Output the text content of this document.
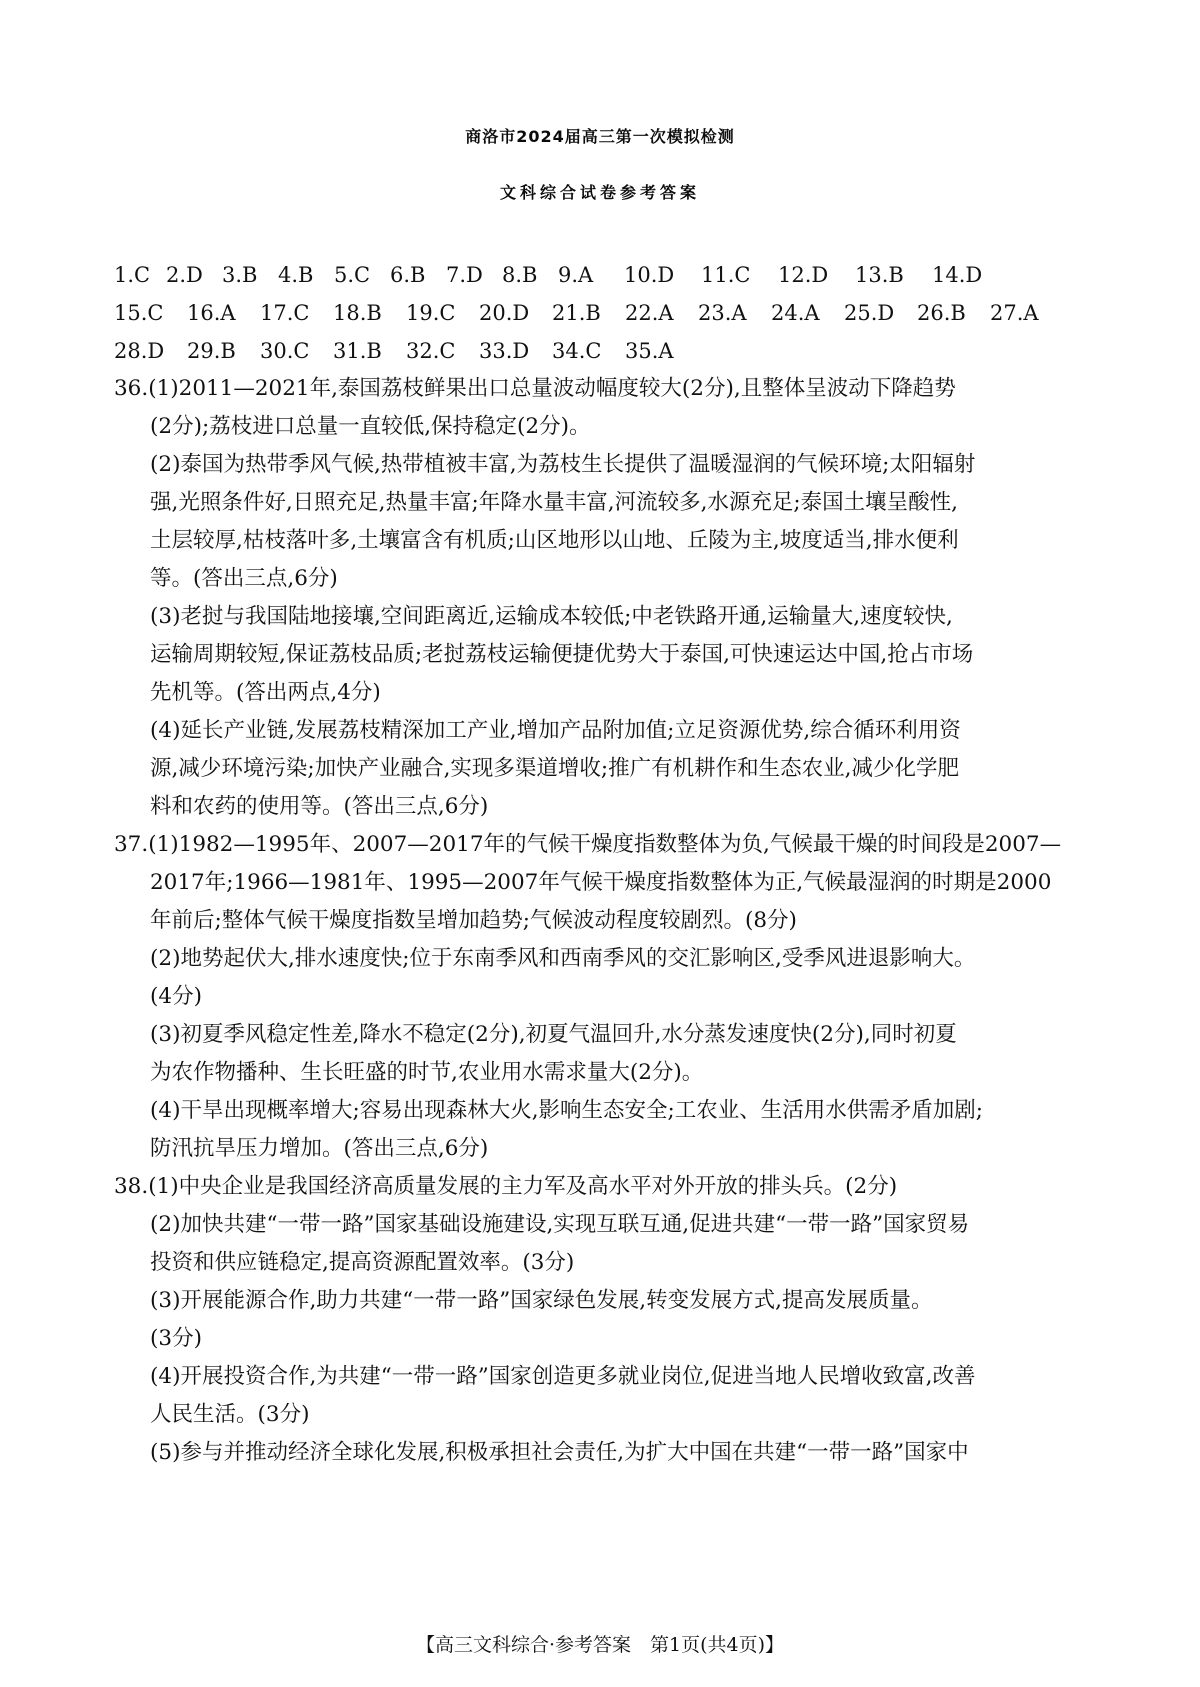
商洛市2024届高三第一次模拟检测
文科综合试卷参考答案
1.C 2.D 3.B 4.B 5.C 6.B 7.D 8.B 9.A 10.D 11.C 12.D 13.B 14.D
15.C 16.A 17.C 18.B 19.C 20.D 21.B 22.A 23.A 24.A 25.D 26.B 27.A
28.D 29.B 30.C 31.B 32.C 33.D 34.C 35.A
36.(1)2011—2021年,泰国荔枝鲜果出口总量波动幅度较大(2分),且整体呈波动下降趋势
(2分);荔枝进口总量一直较低,保持稳定(2分)。
(2)泰国为热带季风气候,热带植被丰富,为荔枝生长提供了温暖湿润的气候环境;太阳辐射
强,光照条件好,日照充足,热量丰富;年降水量丰富,河流较多,水源充足;泰国土壤呈酸性,
土层较厚,枯枝落叶多,土壤富含有机质;山区地形以山地、丘陵为主,坡度适当,排水便利
等。(答出三点,6分)
(3)老挝与我国陆地接壤,空间距离近,运输成本较低;中老铁路开通,运输量大,速度较快,
运输周期较短,保证荔枝品质;老挝荔枝运输便捷优势大于泰国,可快速运达中国,抢占市场
先机等。(答出两点,4分)
(4)延长产业链,发展荔枝精深加工产业,增加产品附加值;立足资源优势,综合循环利用资
源,减少环境污染;加快产业融合,实现多渠道增收;推广有机耕作和生态农业,减少化学肥
料和农药的使用等。(答出三点,6分)
37.(1)1982—1995年、2007—2017年的气候干燥度指数整体为负,气候最干燥的时间段是2007—
2017年;1966—1981年、1995—2007年气候干燥度指数整体为正,气候最湿润的时期是2000
年前后;整体气候干燥度指数呈增加趋势;气候波动程度较剧烈。(8分)
(2)地势起伏大,排水速度快;位于东南季风和西南季风的交汇影响区,受季风进退影响大。
(4分)
(3)初夏季风稳定性差,降水不稳定(2分),初夏气温回升,水分蒸发速度快(2分),同时初夏
为农作物播种、生长旺盛的时节,农业用水需求量大(2分)。
(4)干旱出现概率增大;容易出现森林大火,影响生态安全;工农业、生活用水供需矛盾加剧;
防汛抗旱压力增加。(答出三点,6分)
38.(1)中央企业是我国经济高质量发展的主力军及高水平对外开放的排头兵。(2分)
(2)加快共建“一带一路”国家基础设施建设,实现互联互通,促进共建“一带一路”国家贸易
投资和供应链稳定,提高资源配置效率。(3分)
(3)开展能源合作,助力共建“一带一路”国家绿色发展,转变发展方式,提高发展质量。
(3分)
(4)开展投资合作,为共建“一带一路”国家创造更多就业岗位,促进当地人民增收致富,改善
人民生活。(3分)
(5)参与并推动经济全球化发展,积极承担社会责任,为扩大中国在共建“一带一路”国家中
【高三文科综合·参考答案　第1页(共4页)】
